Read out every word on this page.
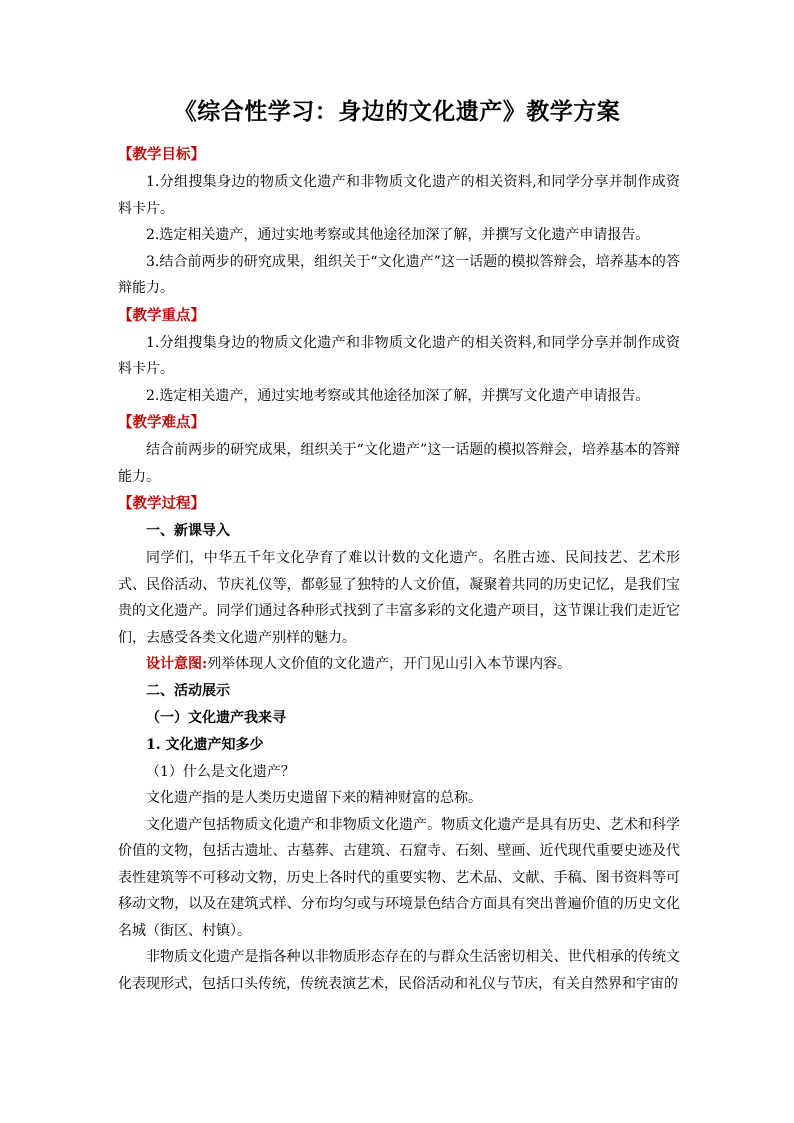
《综合性学习：身边的文化遗产》教学方案

【教学目标】

1.分组搜集身边的物质文化遗产和非物质文化遗产的相关资料,和同学分享并制作成资料卡片。

2.选定相关遗产，通过实地考察或其他途径加深了解，并撰写文化遗产申请报告。

3.结合前两步的研究成果，组织关于“文化遗产”这一话题的模拟答辩会，培养基本的答辩能力。

【教学重点】

1.分组搜集身边的物质文化遗产和非物质文化遗产的相关资料,和同学分享并制作成资料卡片。

2.选定相关遗产，通过实地考察或其他途径加深了解，并撰写文化遗产申请报告。

【教学难点】

结合前两步的研究成果，组织关于“文化遗产”这一话题的模拟答辩会，培养基本的答辩能力。

【教学过程】

一、新课导入

同学们，中华五千年文化孕育了难以计数的文化遗产。名胜古迹、民间技艺、艺术形式、民俗活动、节庆礼仪等，都彰显了独特的人文价值，凝聚着共同的历史记忆，是我们宝贵的文化遗产。同学们通过各种形式找到了丰富多彩的文化遗产项目，这节课让我们走近它们，去感受各类文化遗产别样的魅力。

设计意图:列举体现人文价值的文化遗产，开门见山引入本节课内容。

二、活动展示

（一）文化遗产我来寻

1. 文化遗产知多少

（1）什么是文化遗产？

文化遗产指的是人类历史遗留下来的精神财富的总称。

文化遗产包括物质文化遗产和非物质文化遗产。物质文化遗产是具有历史、艺术和科学价值的文物，包括古遗址、古墓葬、古建筑、石窟寺、石刻、壁画、近代现代重要史迹及代表性建筑等不可移动文物，历史上各时代的重要实物、艺术品、文献、手稿、图书资料等可移动文物，以及在建筑式样、分布均匀或与环境景色结合方面具有突出普遍价值的历史文化名城（街区、村镇）。

非物质文化遗产是指各种以非物质形态存在的与群众生活密切相关、世代相承的传统文化表现形式，包括口头传统，传统表演艺术，民俗活动和礼仪与节庆，有关自然界和宇宙的
